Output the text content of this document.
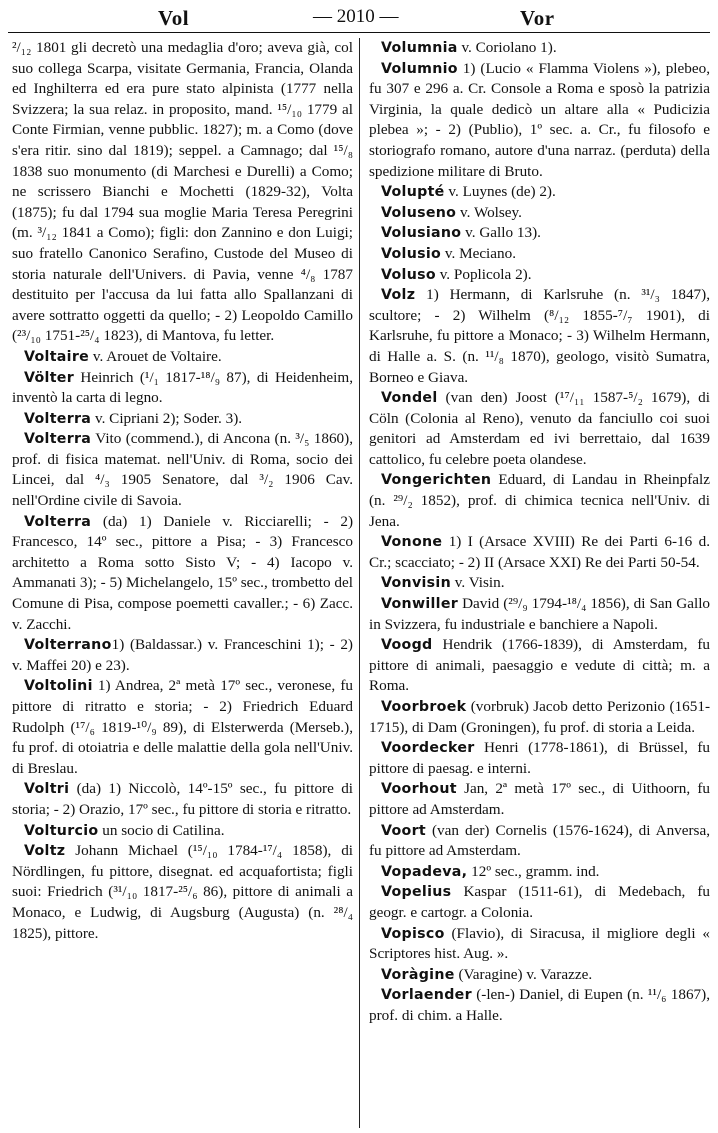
Vol	— 2010 —	Vor

²/₁₂ 1801 gli decretò una medaglia d'oro; aveva già, col suo collega Scarpa, visitate Germania, Francia, Olanda ed Inghilterra ed era pure stato alpinista (1777 nella Svizzera; la sua relaz. in proposito, mand. ¹⁵/₁₀ 1779 al Conte Firmian, venne pubblic. 1827); m. a Como (dove s'era ritir. sino dal 1819); seppel. a Camnago; dal ¹⁵/₈ 1838 suo monumento (di Marchesi e Durelli) a Como; ne scrissero Bianchi e Mochetti (1829-32), Volta (1875); fu dal 1794 sua moglie Maria Teresa Peregrini (m. ³/₁₂ 1841 a Como); figli: don Zannino e don Luigi; suo fratello Canonico Serafino, Custode del Museo di storia naturale dell'Univers. di Pavia, venne ⁴/₈ 1787 destituito per l'accusa da lui fatta allo Spallanzani di avere sottratto oggetti da quello; - 2) Leopoldo Camillo (²³/₁₀ 1751-²⁵/₄ 1823), di Mantova, fu letter.

Voltaire v. Arouet de Voltaire.

Völter Heinrich (¹/₁ 1817-¹⁸/₉ 87), di Heidenheim, inventò la carta di legno.

Volterra v. Cipriani 2); Soder. 3).

Volterra Vito (commend.), di Ancona (n. ³/₅ 1860), prof. di fisica matemat. nell'Univ. di Roma, socio dei Lincei, dal ⁴/₃ 1905 Senatore, dal ³/₂ 1906 Cav. nell'Ordine civile di Savoia.

Volterra (da) 1) Daniele v. Ricciarelli; - 2) Francesco, 14º sec., pittore a Pisa; - 3) Francesco architetto a Roma sotto Sisto V; - 4) Iacopo v. Ammanati 3); - 5) Michelangelo, 15º sec., trombetto del Comune di Pisa, compose poemetti cavaller.; - 6) Zacc. v. Zacchi.

Volterrano1) (Baldassar.) v. Franceschini 1); - 2) v. Maffei 20) e 23).

Voltolini 1) Andrea, 2ª metà 17º sec., veronese, fu pittore di ritratto e storia; - 2) Friedrich Eduard Rudolph (¹⁷/₆ 1819-¹⁰/₉ 89), di Elsterwerda (Merseb.), fu prof. di otoiatria e delle malattie della gola nell'Univ. di Breslau.

Voltri (da) 1) Niccolò, 14º-15º sec., fu pittore di storia; - 2) Orazio, 17º sec., fu pittore di storia e ritratto.

Volturcio un socio di Catilina.

Voltz Johann Michael (¹⁵/₁₀ 1784-¹⁷/₄ 1858), di Nördlingen, fu pittore, disegnat. ed acquafortista; figli suoi: Friedrich (³¹/₁₀ 1817-²⁵/₆ 86), pittore di animali a Monaco, e Ludwig, di Augsburg (Augusta) (n. ²⁸/₄ 1825), pittore.

Volumnia v. Coriolano 1).

Volumnio 1) (Lucio « Flamma Violens »), plebeo, fu 307 e 296 a. Cr. Console a Roma e sposò la patrizia Virginia, la quale dedicò un altare alla « Pudicizia plebea »; - 2) (Publio), 1º sec. a. Cr., fu filosofo e storiografo romano, autore d'una narraz. (perduta) della spedizione militare di Bruto.

Volupté v. Luynes (de) 2).

Voluseno v. Wolsey.

Volusiano v. Gallo 13).

Volusio v. Meciano.

Voluso v. Poplicola 2).

Volz 1) Hermann, di Karlsruhe (n. ³¹/₃ 1847), scultore; - 2) Wilhelm (⁸/₁₂ 1855-⁷/₇ 1901), di Karlsruhe, fu pittore a Monaco; - 3) Wilhelm Hermann, di Halle a. S. (n. ¹¹/₈ 1870), geologo, visitò Sumatra, Borneo e Giava.

Vondel (van den) Joost (¹⁷/₁₁ 1587-⁵/₂ 1679), di Cöln (Colonia al Reno), venuto da fanciullo coi suoi genitori ad Amsterdam ed ivi berrettaio, dal 1639 cattolico, fu celebre poeta olandese.

Vongerichten Eduard, di Landau in Rheinpfalz (n. ²⁹/₂ 1852), prof. di chimica tecnica nell'Univ. di Jena.

Vonone 1) I (Arsace XVIII) Re dei Parti 6-16 d. Cr.; scacciato; - 2) II (Arsace XXI) Re dei Parti 50-54.

Vonvisin v. Visin.

Vonwiller David (²⁹/₉ 1794-¹⁸/₄ 1856), di San Gallo in Svizzera, fu industriale e banchiere a Napoli.

Voogd Hendrik (1766-1839), di Amsterdam, fu pittore di animali, paesaggio e vedute di città; m. a Roma.

Voorbroek (vorbruk) Jacob detto Perizonio (1651-1715), di Dam (Groningen), fu prof. di storia a Leida.

Voordecker Henri (1778-1861), di Brüssel, fu pittore di paesag. e interni.

Voorhout Jan, 2ª metà 17º sec., di Uithoorn, fu pittore ad Amsterdam.

Voort (van der) Cornelis (1576-1624), di Anversa, fu pittore ad Amsterdam.

Vopadeva, 12º sec., gramm. ind.

Vopelius Kaspar (1511-61), di Medebach, fu geogr. e cartogr. a Colonia.

Vopisco (Flavio), di Siracusa, il migliore degli « Scriptores hist. Aug. ».

Voràgine (Varagine) v. Varazze.

Vorlaender (-len-) Daniel, di Eupen (n. ¹¹/₆ 1867), prof. di chim. a Halle.
